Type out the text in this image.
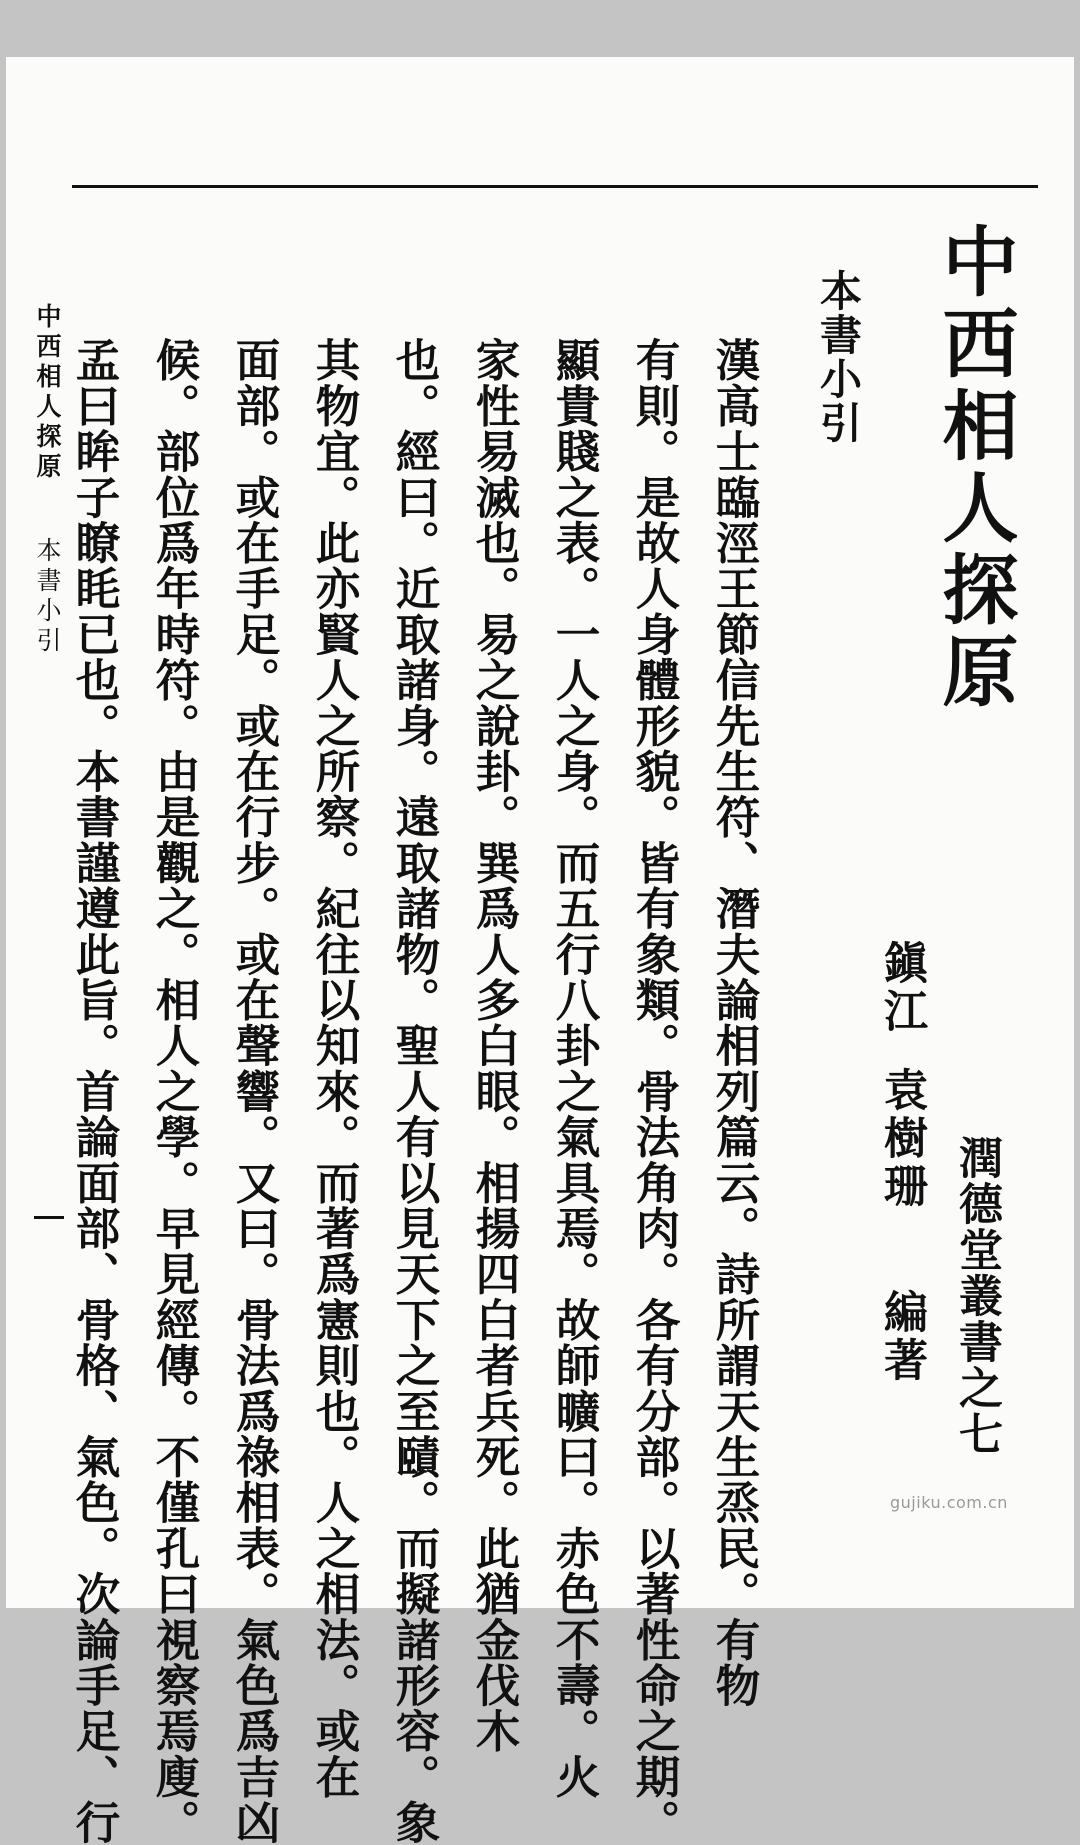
中西相人探原
鎭江
袁樹珊
編著 潤德堂叢書之七
本書小引
漢高士臨涇王節信先生符、潛夫論相列篇云。詩所謂天生烝民。有物
有則。是故人身體形貌。皆有象類。骨法角肉。各有分部。以著性命之期。
顯貴賤之表。一人之身。而五行八卦之氣具焉。故師曠曰。赤色不壽。火
家性易滅也。易之說卦。巽爲人多白眼。相揚四白者兵死。此猶金伐木
也。經曰。近取諸身。遠取諸物。聖人有以見天下之至賾。而擬諸形容。象
其物宜。此亦賢人之所察。紀往以知來。而著爲憲則也。人之相法。或在
面部。或在手足。或在行步。或在聲響。又曰。骨法爲祿相表。氣色爲吉凶
候。部位爲年時符。由是觀之。相人之學。早見經傳。不僅孔曰視察焉廋。
孟曰眸子瞭眊已也。本書謹遵此旨。首論面部、骨格、氣色。次論手足、行
中西相人探原
本書小引
gujiku.com.cn
